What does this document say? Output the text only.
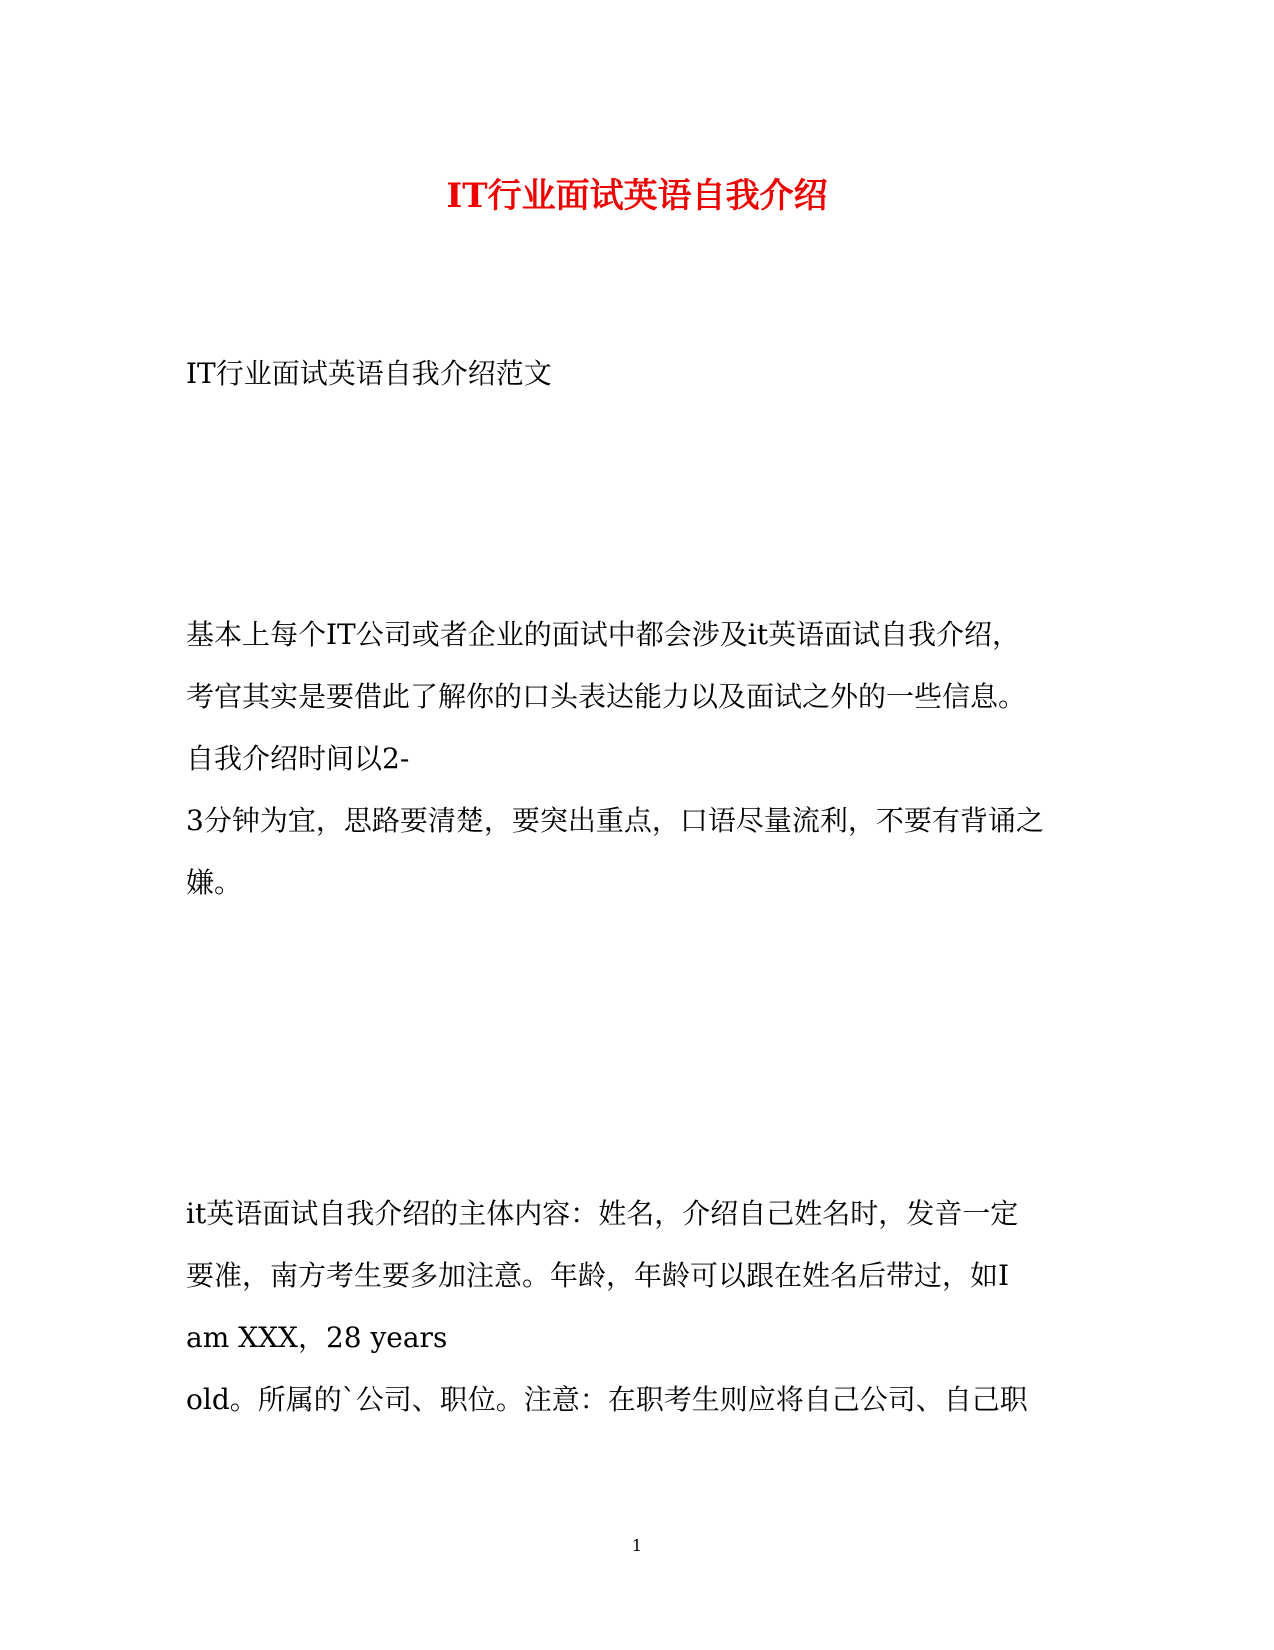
IT行业面试英语自我介绍
IT行业面试英语自我介绍范文
基本上每个IT公司或者企业的面试中都会涉及it英语面试自我介绍，
考官其实是要借此了解你的口头表达能力以及面试之外的一些信息。
自我介绍时间以2-
3分钟为宜，思路要清楚，要突出重点，口语尽量流利，不要有背诵之
嫌。
it英语面试自我介绍的主体内容：姓名，介绍自己姓名时，发音一定
要准，南方考生要多加注意。年龄，年龄可以跟在姓名后带过，如I
am XXX，28 years
old。所属的`公司、职位。注意：在职考生则应将自己公司、自己职
1
